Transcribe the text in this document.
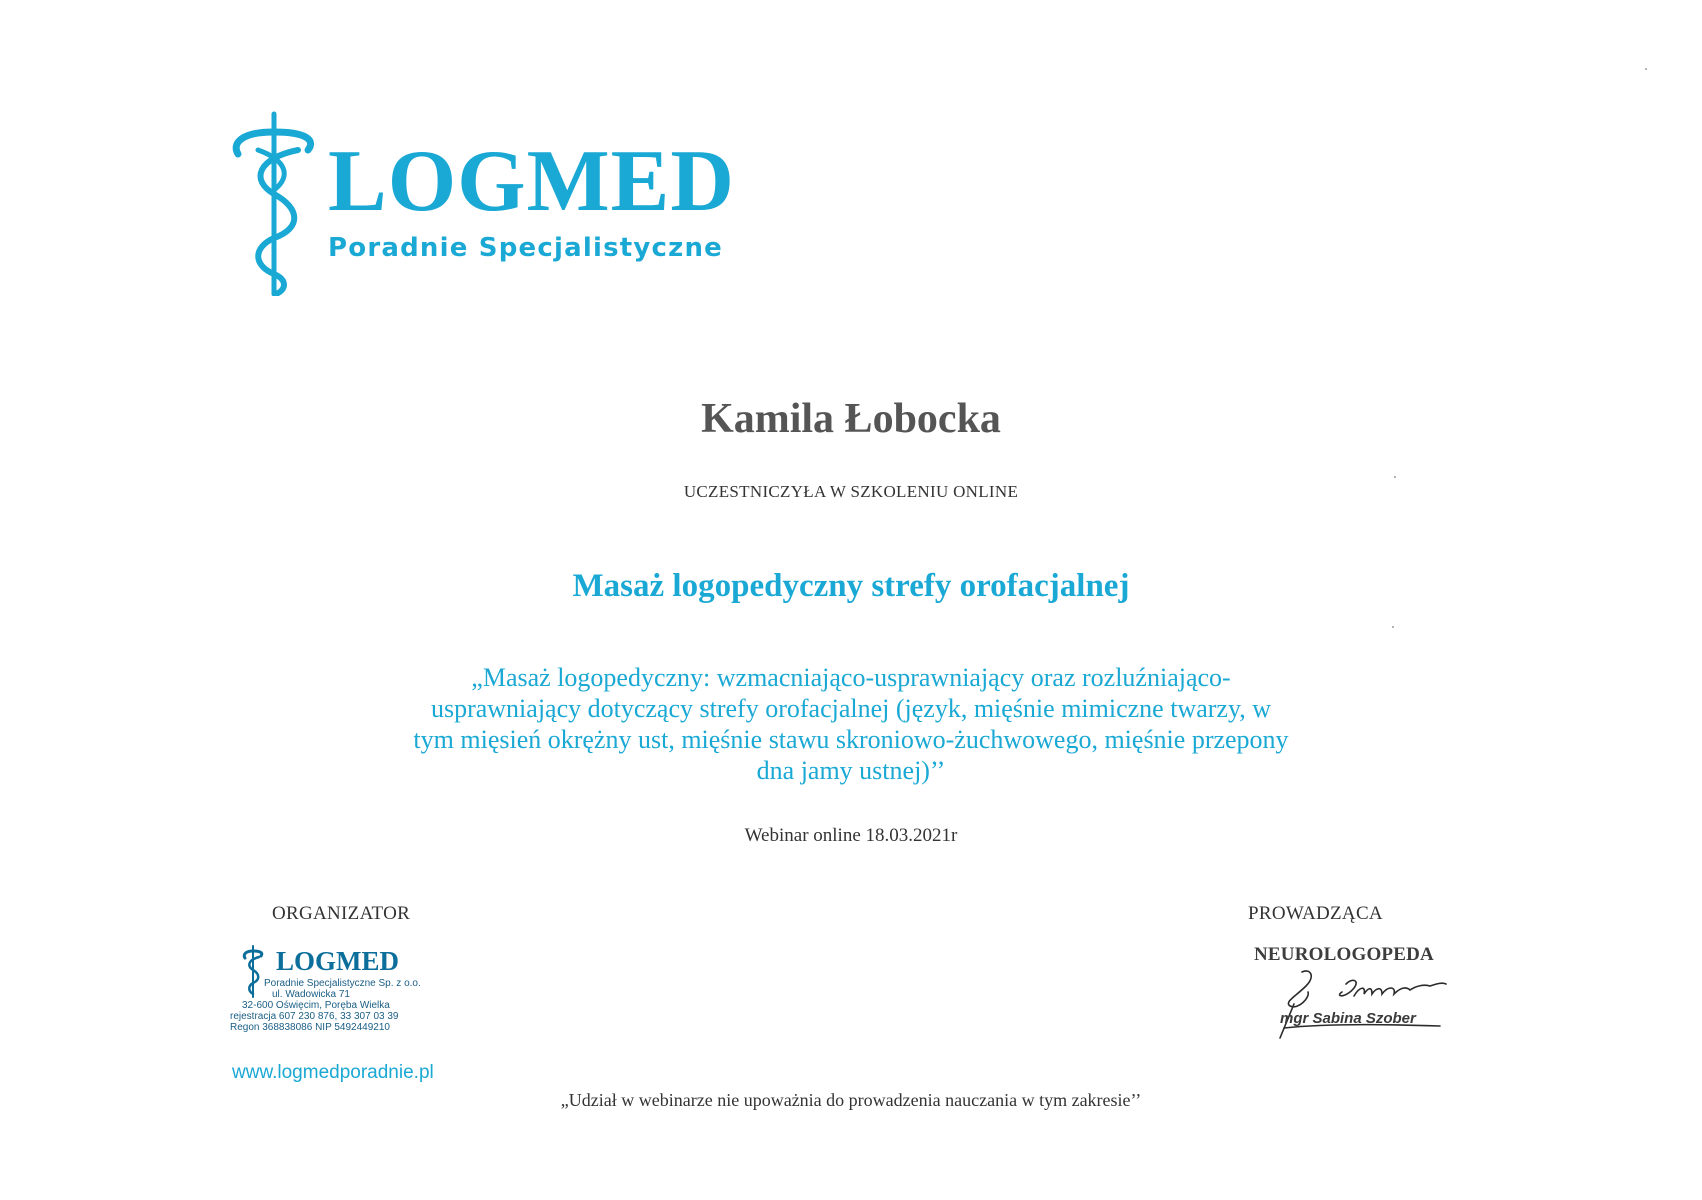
LOGMED
Poradnie Specjalistyczne
Kamila Łobocka
UCZESTNICZYŁA W SZKOLENIU ONLINE
Masaż logopedyczny strefy orofacjalnej
„Masaż logopedyczny: wzmacniająco-usprawniający oraz rozluźniająco-
usprawniający dotyczący strefy orofacjalnej (język, mięśnie mimiczne twarzy, w
tym mięsień okrężny ust, mięśnie stawu skroniowo-żuchwowego, mięśnie przepony
dna jamy ustnej)’’
Webinar online 18.03.2021r
ORGANIZATOR
LOGMED
Poradnie Specjalistyczne Sp. z o.o.
ul. Wadowicka 71
32-600 Oświęcim, Poręba Wielka
rejestracja 607 230 876, 33 307 03 39
Regon 368838086 NIP 5492449210
www.logmedporadnie.pl
PROWADZĄCA
NEUROLOGOPEDA
mgr Sabina Szober
„Udział w webinarze nie upoważnia do prowadzenia nauczania w tym zakresie’’
